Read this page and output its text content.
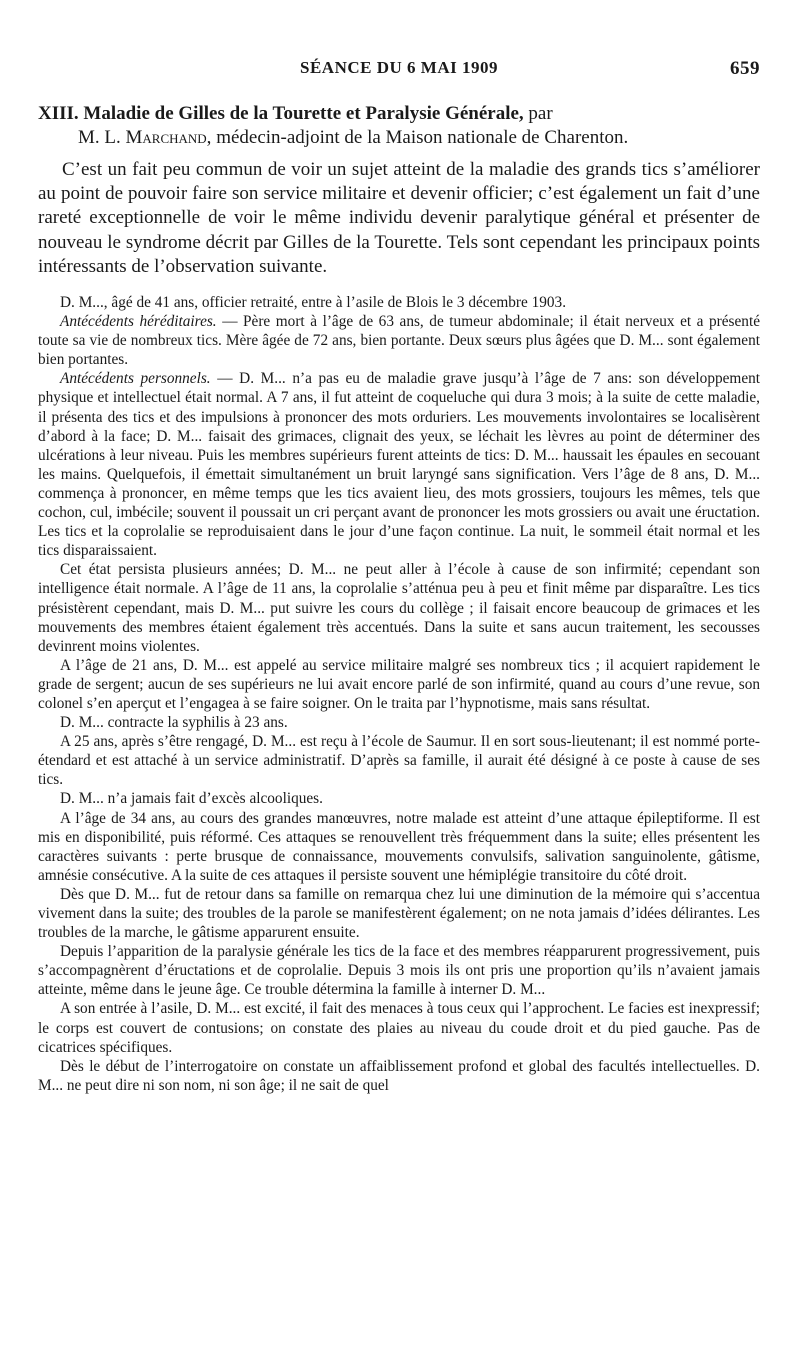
SÉANCE DU 6 MAI 1909	659
XIII. Maladie de Gilles de la Tourette et Paralysie Générale, par
M. L. Marchand, médecin-adjoint de la Maison nationale de Charenton.
C’est un fait peu commun de voir un sujet atteint de la maladie des grands tics s’améliorer au point de pouvoir faire son service militaire et devenir officier; c’est également un fait d’une rareté exceptionnelle de voir le même individu devenir paralytique général et présenter de nouveau le syndrome décrit par Gilles de la Tourette. Tels sont cependant les principaux points intéressants de l’observation suivante.

D. M..., âgé de 41 ans, officier retraité, entre à l’asile de Blois le 3 décembre 1903.

Antécédents héréditaires. — Père mort à l’âge de 63 ans, de tumeur abdominale; il était nerveux et a présenté toute sa vie de nombreux tics. Mère âgée de 72 ans, bien portante. Deux sœurs plus âgées que D. M... sont également bien portantes.

Antécédents personnels. — D. M... n’a pas eu de maladie grave jusqu’à l’âge de 7 ans: son développement physique et intellectuel était normal. A 7 ans, il fut atteint de coqueluche qui dura 3 mois; à la suite de cette maladie, il présenta des tics et des impulsions à prononcer des mots orduriers. Les mouvements involontaires se localisèrent d’abord à la face; D. M... faisait des grimaces, clignait des yeux, se léchait les lèvres au point de déterminer des ulcérations à leur niveau. Puis les membres supérieurs furent atteints de tics: D. M... haussait les épaules en secouant les mains. Quelquefois, il émettait simultanément un bruit laryngé sans signification. Vers l’âge de 8 ans, D. M... commença à prononcer, en même temps que les tics avaient lieu, des mots grossiers, toujours les mêmes, tels que cochon, cul, imbécile; souvent il poussait un cri perçant avant de prononcer les mots grossiers ou avait une éructation. Les tics et la coprolalie se reproduisaient dans le jour d’une façon continue. La nuit, le sommeil était normal et les tics disparaissaient.

Cet état persista plusieurs années; D. M... ne peut aller à l’école à cause de son infirmité; cependant son intelligence était normale. A l’âge de 11 ans, la coprolalie s’atténua peu à peu et finit même par disparaître. Les tics présistèrent cependant, mais D. M... put suivre les cours du collège ; il faisait encore beaucoup de grimaces et les mouvements des membres étaient également très accentués. Dans la suite et sans aucun traitement, les secousses devinrent moins violentes.

A l’âge de 21 ans, D. M... est appelé au service militaire malgré ses nombreux tics ; il acquiert rapidement le grade de sergent; aucun de ses supérieurs ne lui avait encore parlé de son infirmité, quand au cours d’une revue, son colonel s’en aperçut et l’engagea à se faire soigner. On le traita par l’hypnotisme, mais sans résultat.

D. M... contracte la syphilis à 23 ans.

A 25 ans, après s’être rengagé, D. M... est reçu à l’école de Saumur. Il en sort sous-lieutenant; il est nommé porte-étendard et est attaché à un service administratif. D’après sa famille, il aurait été désigné à ce poste à cause de ses tics.

D. M... n’a jamais fait d’excès alcooliques.

A l’âge de 34 ans, au cours des grandes manœuvres, notre malade est atteint d’une attaque épileptiforme. Il est mis en disponibilité, puis réformé. Ces attaques se renouvellent très fréquemment dans la suite; elles présentent les caractères suivants : perte brusque de connaissance, mouvements convulsifs, salivation sanguinolente, gâtisme, amnésie consécutive. A la suite de ces attaques il persiste souvent une hémiplégie transitoire du côté droit.

Dès que D. M... fut de retour dans sa famille on remarqua chez lui une diminution de la mémoire qui s’accentua vivement dans la suite; des troubles de la parole se manifestèrent également; on ne nota jamais d’idées délirantes. Les troubles de la marche, le gâtisme apparurent ensuite.

Depuis l’apparition de la paralysie générale les tics de la face et des membres réapparurent progressivement, puis s’accompagnèrent d’éructations et de coprolalie. Depuis 3 mois ils ont pris une proportion qu’ils n’avaient jamais atteinte, même dans le jeune âge. Ce trouble détermina la famille à interner D. M...

A son entrée à l’asile, D. M... est excité, il fait des menaces à tous ceux qui l’approchent. Le facies est inexpressif; le corps est couvert de contusions; on constate des plaies au niveau du coude droit et du pied gauche. Pas de cicatrices spécifiques.

Dès le début de l’interrogatoire on constate un affaiblissement profond et global des facultés intellectuelles. D. M... ne peut dire ni son nom, ni son âge; il ne sait de quel
